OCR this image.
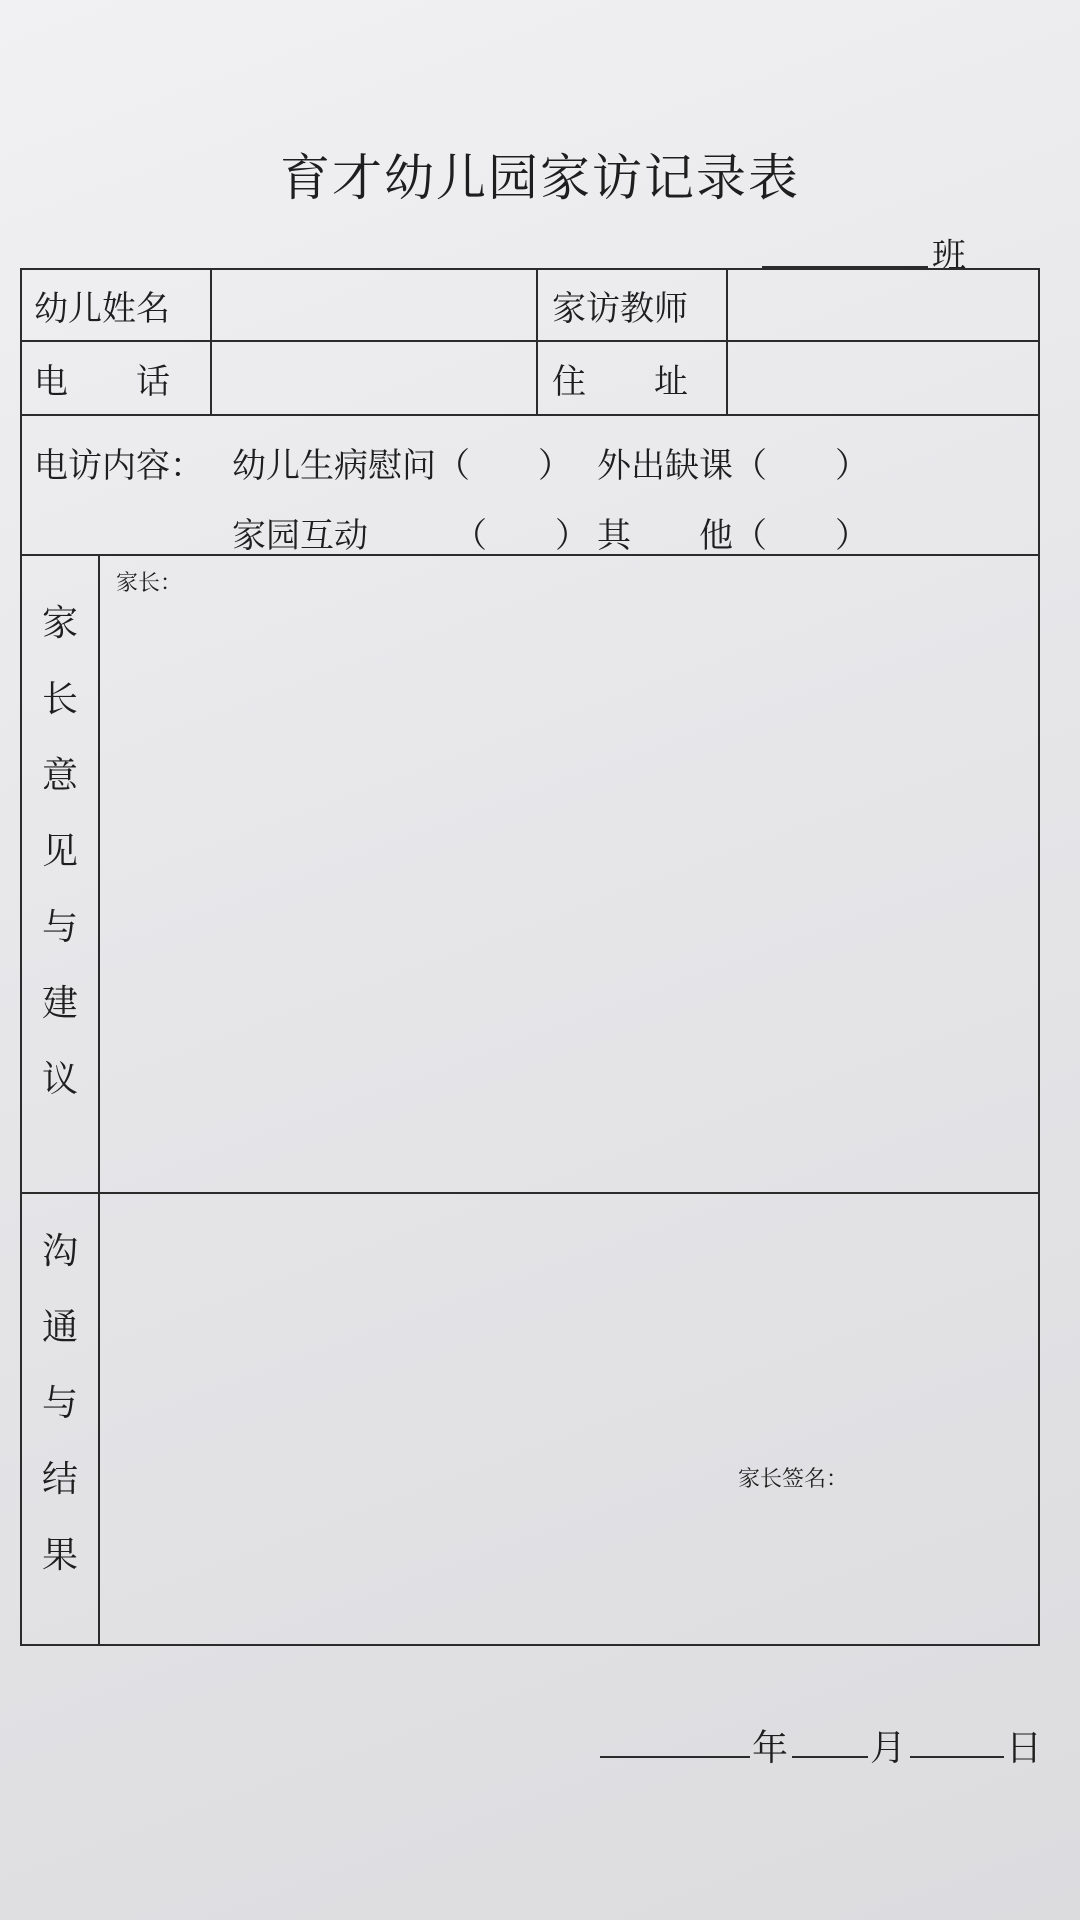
育才幼儿园家访记录表
班
幼儿姓名	家访教师
电　　话	住　　址
电访内容： 幼儿生病慰问（　　） 外出缺课（　　）
家园互动　　　（　　） 其　　他（　　）
家
长
意
见
与
建
议
家长：
家长签名：
沟
通
与
结
果
年 月	日
